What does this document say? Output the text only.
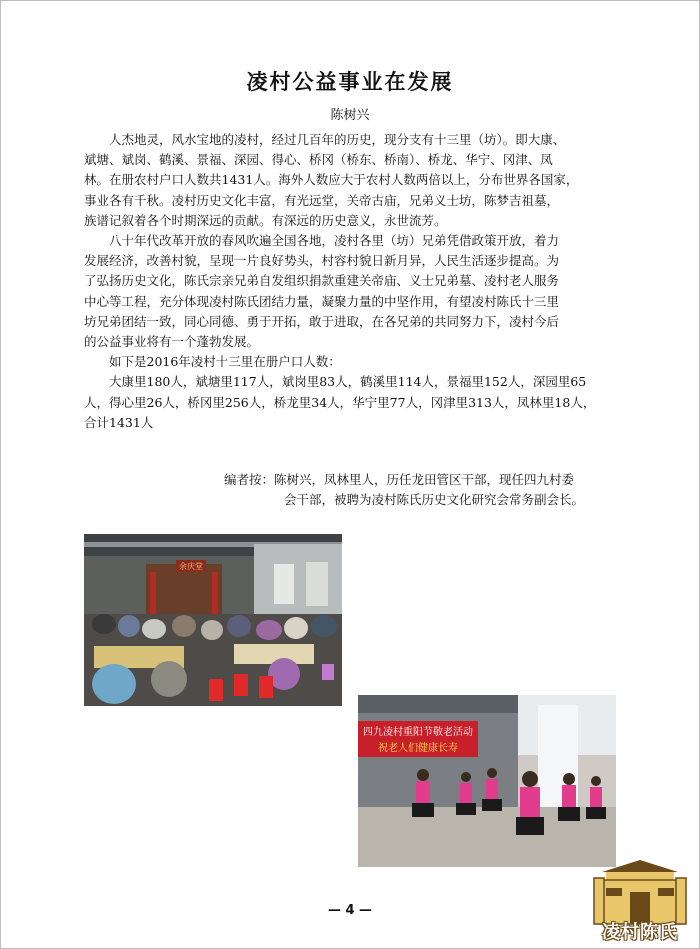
凌村公益事业在发展
陈树兴

人杰地灵，风水宝地的凌村，经过几百年的历史，现分支有十三里（坊）。即大康、
斌塘、斌岗、鹤溪、景福、深园、得心、桥冈（桥东、桥南）、桥龙、华宁、冈津、凤
林。在册农村户口人数共1431人。海外人数应大于农村人数两倍以上，分布世界各国家，
事业各有千秋。凌村历史文化丰富，有光远堂，关帝古庙，兄弟义士坊，陈梦吉祖墓，
族谱记叙着各个时期深远的贡献。有深远的历史意义，永世流芳。

八十年代改革开放的春风吹遍全国各地，凌村各里（坊）兄弟凭借政策开放，着力
发展经济，改善村貌，呈现一片良好势头，村容村貌日新月异，人民生活逐步提高。为
了弘扬历史文化，陈氏宗亲兄弟自发组织捐款重建关帝庙、义士兄弟墓、凌村老人服务
中心等工程，充分体现凌村陈氏团结力量，凝聚力量的中坚作用，有望凌村陈氏十三里
坊兄弟团结一致，同心同德、勇于开拓，敢于进取，在各兄弟的共同努力下，凌村今后
的公益事业将有一个蓬勃发展。

如下是2016年凌村十三里在册户口人数：
大康里180人，斌塘里117人，斌岗里83人，鹤溪里114人，景福里152人，深园里65
人，得心里26人，桥冈里256人，桥龙里34人，华宁里77人，冈津里313人，凤林里18人，
合计1431人

编者按：陈树兴，凤林里人，历任龙田管区干部，现任四九村委
会干部，被聘为凌村陈氏历史文化研究会常务副会长。
余庆堂
四九凌村重阳节敬老活动
祝老人们健康长寿
凌村陈氏
— 4 —
